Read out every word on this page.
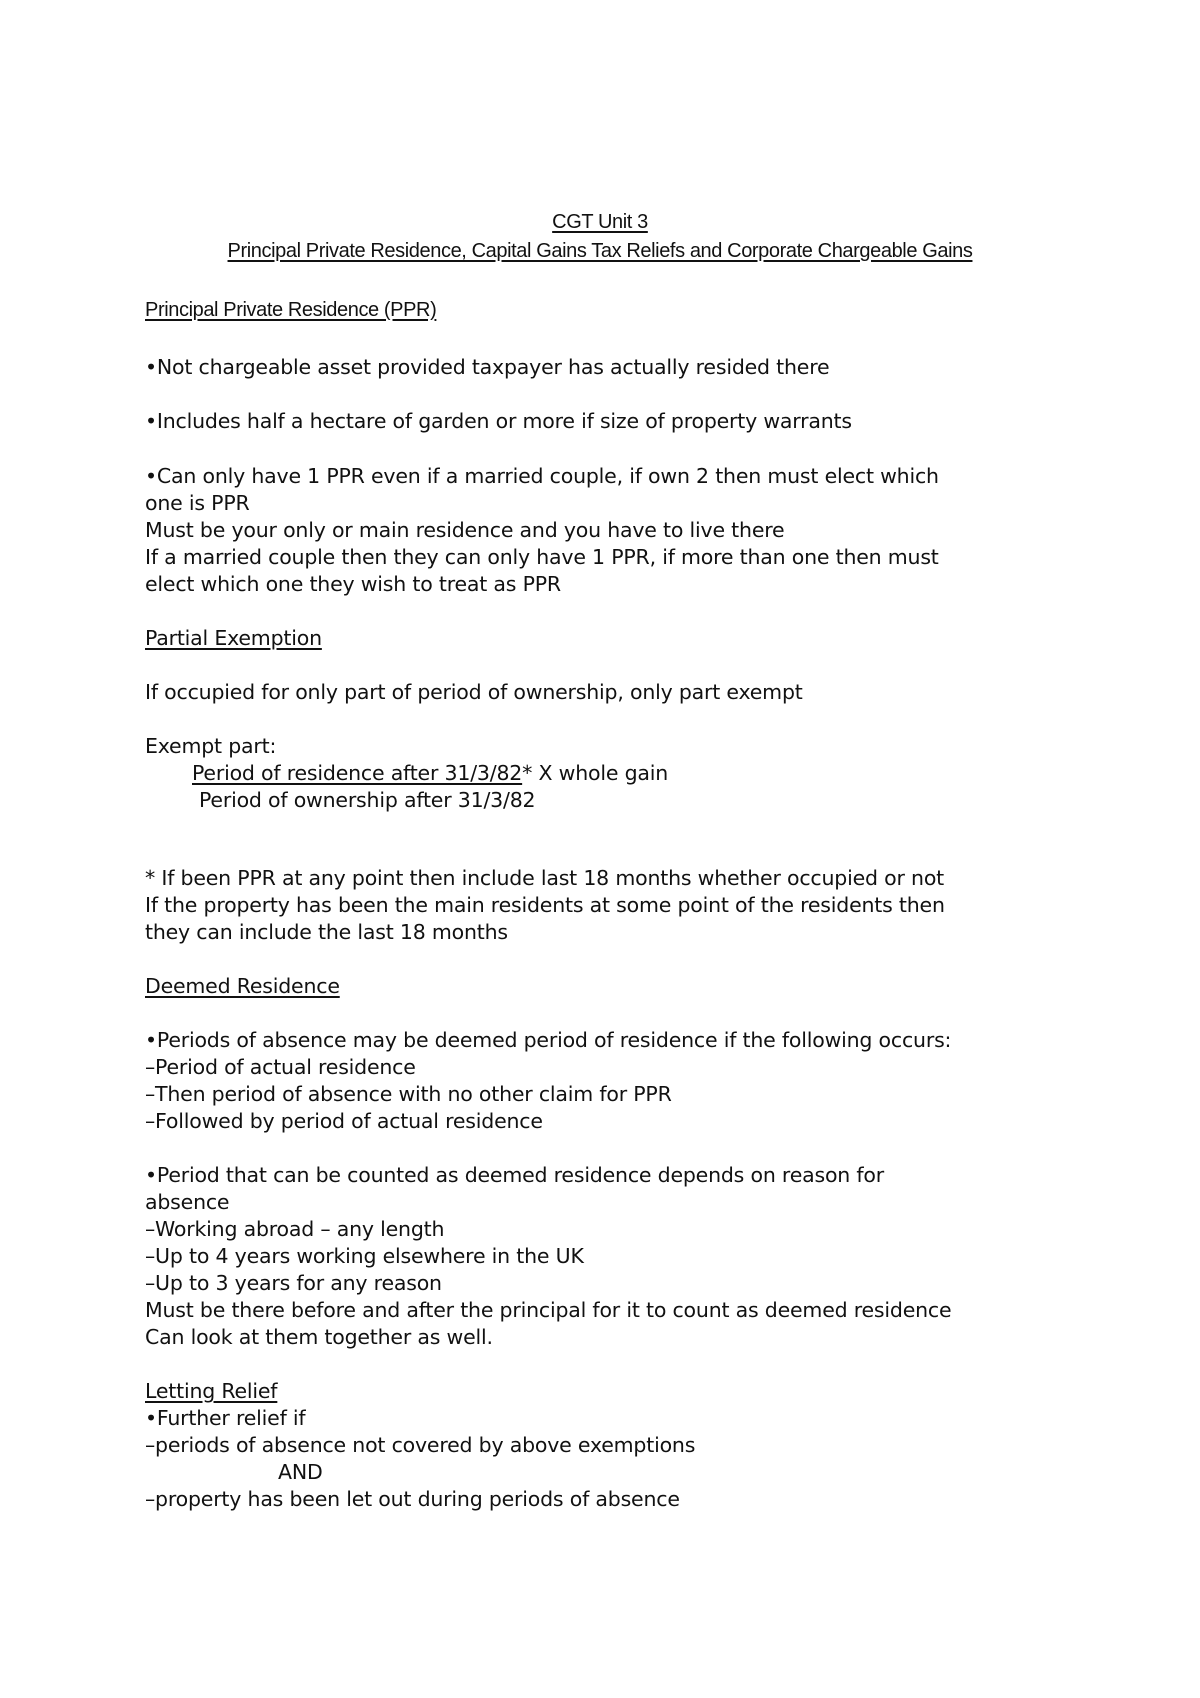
CGT Unit 3
Principal Private Residence, Capital Gains Tax Reliefs and Corporate Chargeable Gains
Principal Private Residence (PPR)
•Not chargeable asset provided taxpayer has actually resided there
•Includes half a hectare of garden or more if size of property warrants
•Can only have 1 PPR even if a married couple, if own 2 then must elect which
one is PPR
Must be your only or main residence and you have to live there
If a married couple then they can only have 1 PPR, if more than one then must
elect which one they wish to treat as PPR
Partial Exemption
If occupied for only part of period of ownership, only part exempt
Exempt part:
Period of residence after 31/3/82* X whole gain
Period of ownership after 31/3/82
* If been PPR at any point then include last 18 months whether occupied or not
If the property has been the main residents at some point of the residents then
they can include the last 18 months
Deemed Residence
•Periods of absence may be deemed period of residence if the following occurs:
–Period of actual residence
–Then period of absence with no other claim for PPR
–Followed by period of actual residence
•Period that can be counted as deemed residence depends on reason for
absence
–Working abroad – any length
–Up to 4 years working elsewhere in the UK
–Up to 3 years for any reason
Must be there before and after the principal for it to count as deemed residence
Can look at them together as well.
Letting Relief
•Further relief if
–periods of absence not covered by above exemptions
AND
–property has been let out during periods of absence
